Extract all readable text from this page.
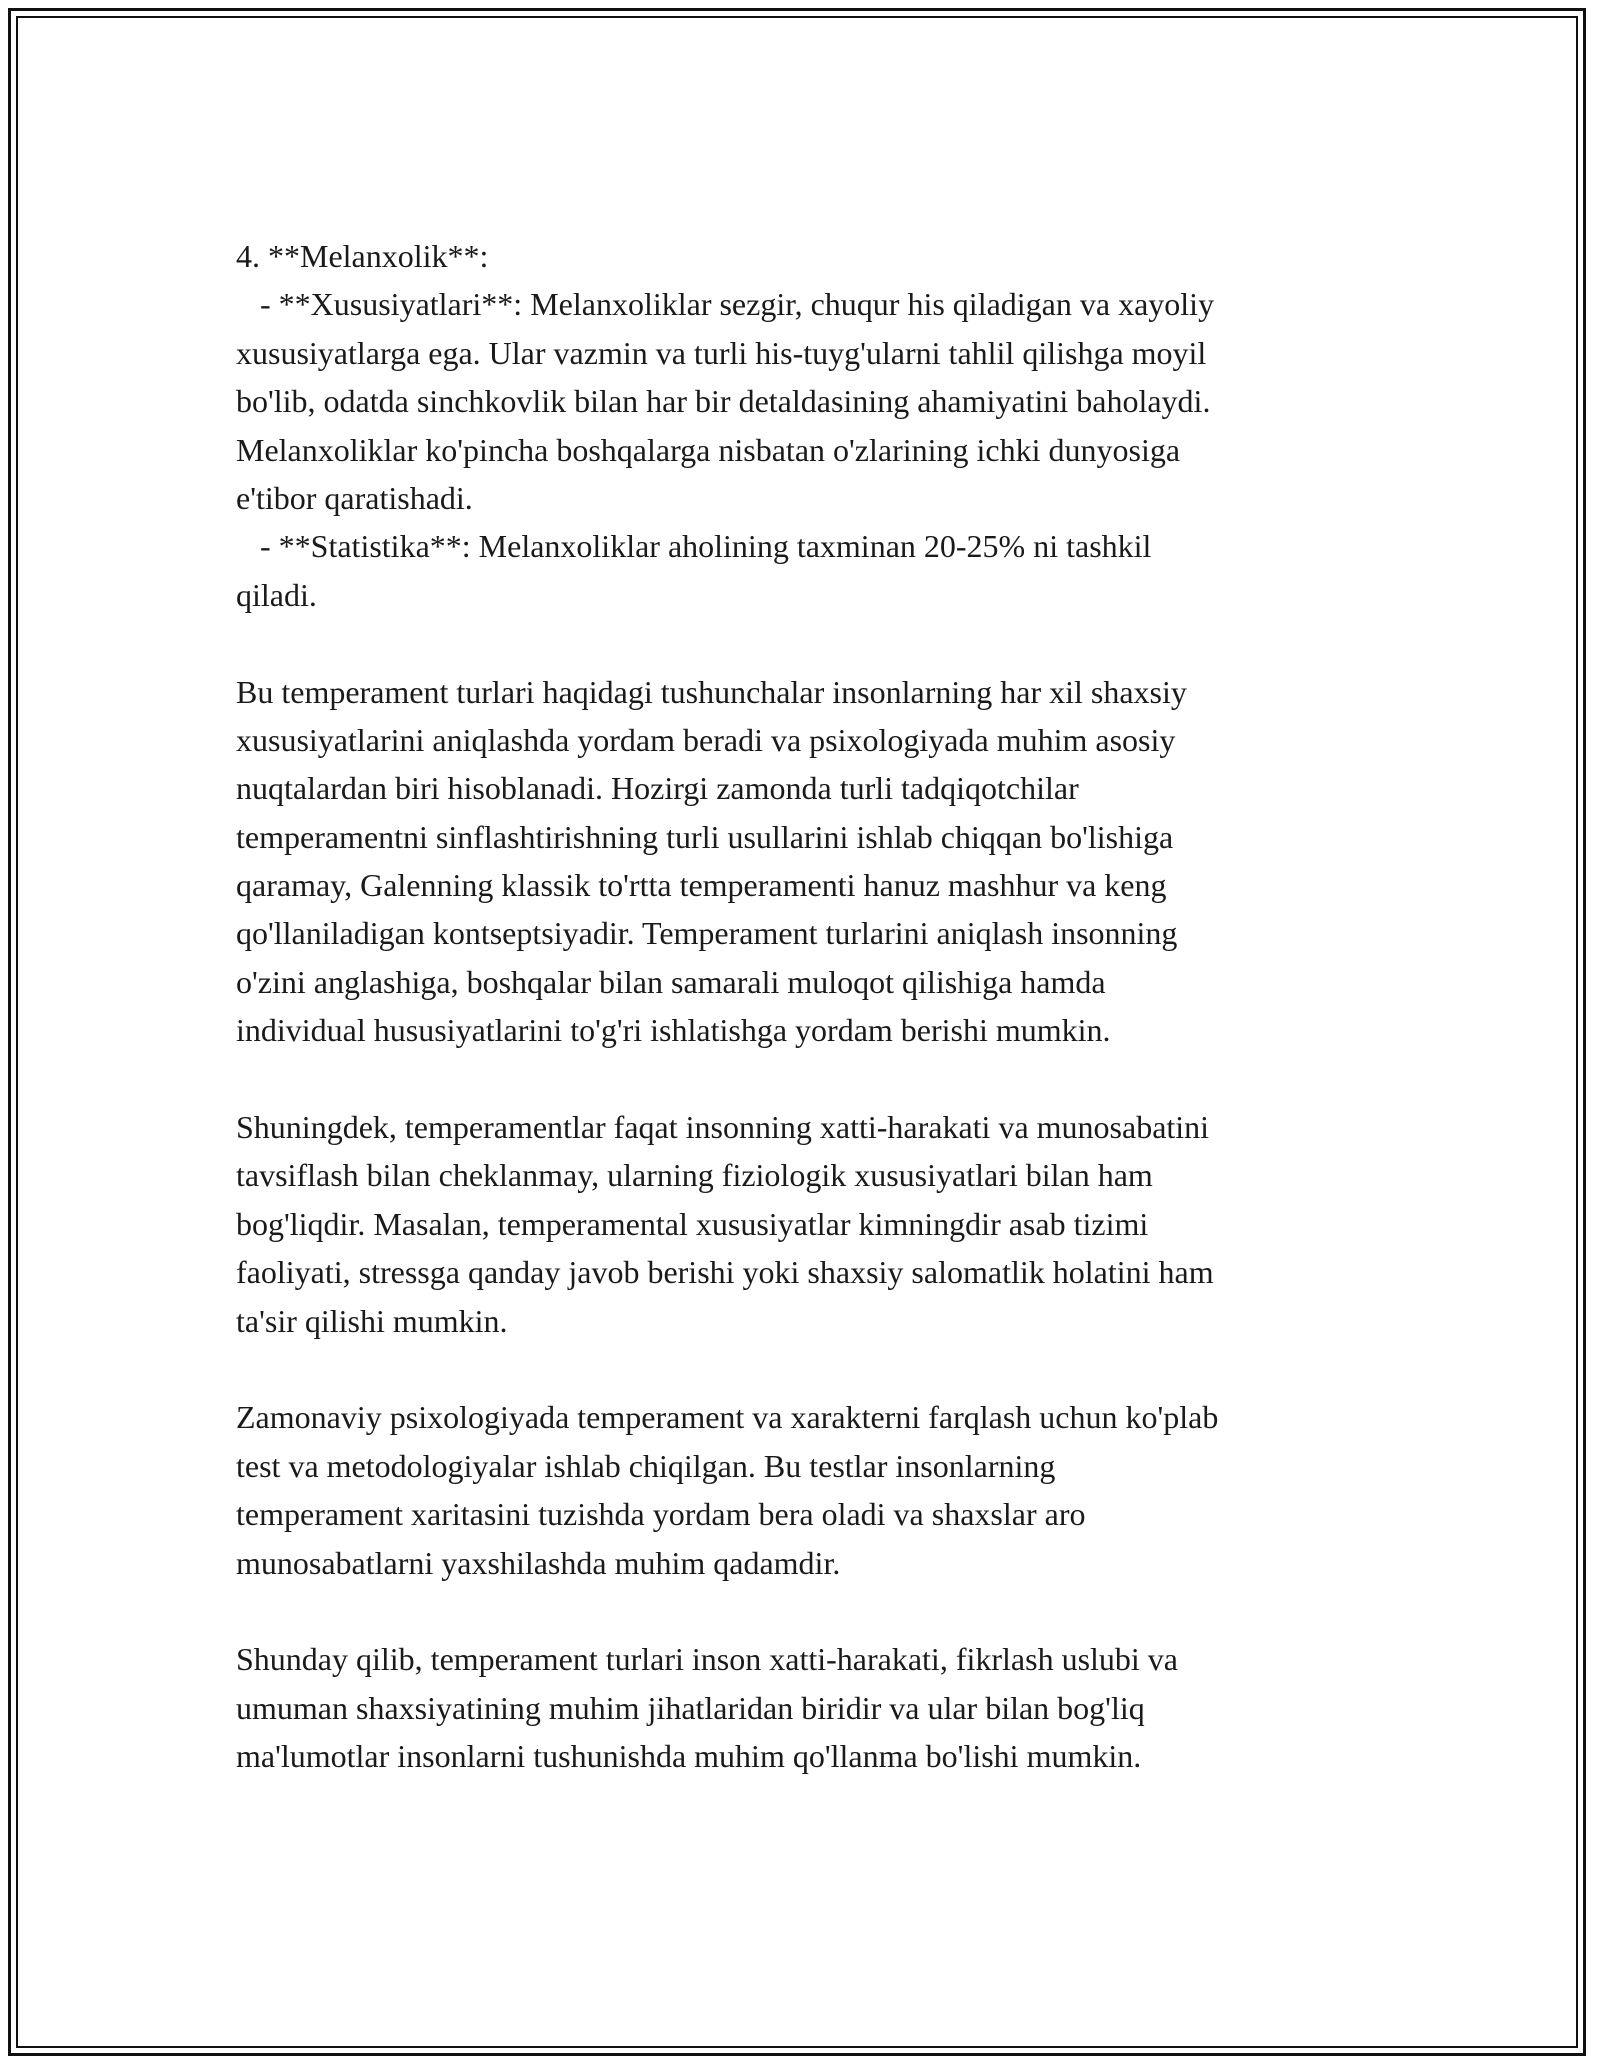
4. **Melanxolik**:

- **Xususiyatlari**: Melanxoliklar sezgir, chuqur his qiladigan va xayoliy

xususiyatlarga ega. Ular vazmin va turli his-tuyg'ularni tahlil qilishga moyil

bo'lib, odatda sinchkovlik bilan har bir detaldasining ahamiyatini baholaydi.

Melanxoliklar ko'pincha boshqalarga nisbatan o'zlarining ichki dunyosiga

e'tibor qaratishadi.

- **Statistika**: Melanxoliklar aholining taxminan 20-25% ni tashkil

qiladi.

Bu temperament turlari haqidagi tushunchalar insonlarning har xil shaxsiy

xususiyatlarini aniqlashda yordam beradi va psixologiyada muhim asosiy

nuqtalardan biri hisoblanadi. Hozirgi zamonda turli tadqiqotchilar

temperamentni sinflashtirishning turli usullarini ishlab chiqqan bo'lishiga

qaramay, Galenning klassik to'rtta temperamenti hanuz mashhur va keng

qo'llaniladigan kontseptsiyadir. Temperament turlarini aniqlash insonning

o'zini anglashiga, boshqalar bilan samarali muloqot qilishiga hamda

individual hususiyatlarini to'g'ri ishlatishga yordam berishi mumkin.

Shuningdek, temperamentlar faqat insonning xatti-harakati va munosabatini

tavsiflash bilan cheklanmay, ularning fiziologik xususiyatlari bilan ham

bog'liqdir. Masalan, temperamental xususiyatlar kimningdir asab tizimi

faoliyati, stressga qanday javob berishi yoki shaxsiy salomatlik holatini ham

ta'sir qilishi mumkin.

Zamonaviy psixologiyada temperament va xarakterni farqlash uchun ko'plab

test va metodologiyalar ishlab chiqilgan. Bu testlar insonlarning

temperament xaritasini tuzishda yordam bera oladi va shaxslar aro

munosabatlarni yaxshilashda muhim qadamdir.

Shunday qilib, temperament turlari inson xatti-harakati, fikrlash uslubi va

umuman shaxsiyatining muhim jihatlaridan biridir va ular bilan bog'liq

ma'lumotlar insonlarni tushunishda muhim qo'llanma bo'lishi mumkin.
